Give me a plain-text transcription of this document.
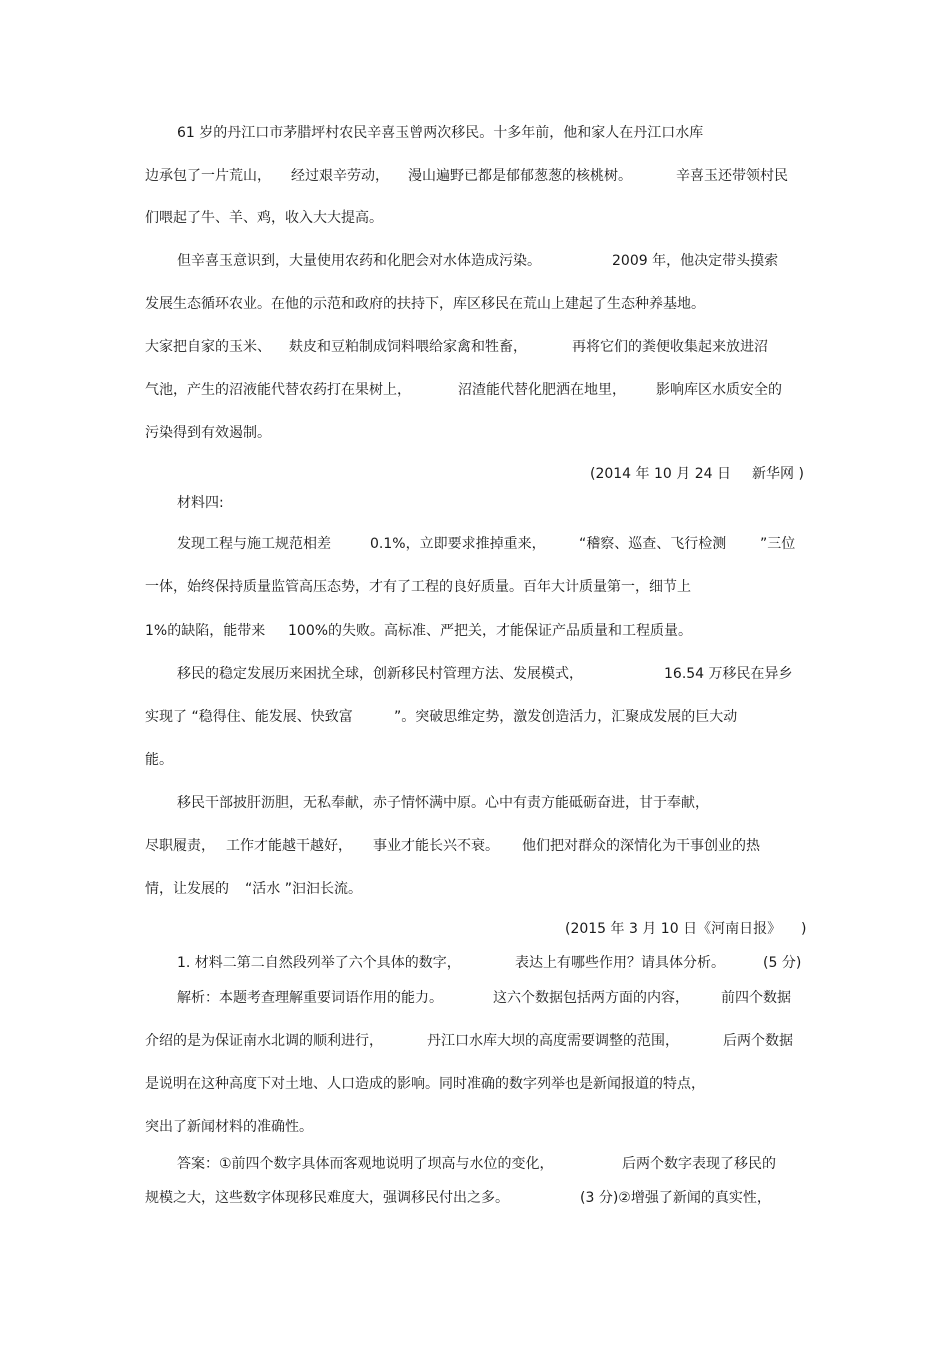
61 岁的丹江口市茅腊坪村农民辛喜玉曾两次移民。十多年前，他和家人在丹江口水库
边承包了一片荒山， 经过艰辛劳动， 漫山遍野已都是郁郁葱葱的核桃树。	辛喜玉还带领村民
们喂起了牛、羊、鸡，收入大大提高。
但辛喜玉意识到，大量使用农药和化肥会对水体造成污染。	2009 年，他决定带头摸索
发展生态循环农业。在他的示范和政府的扶持下，库区移民在荒山上建起了生态种养基地。
大家把自家的玉米、 麸皮和豆粕制成饲料喂给家禽和牲畜，	再将它们的粪便收集起来放进沼
气池，产生的沼液能代替农药打在果树上，	沼渣能代替化肥洒在地里， 影响库区水质安全的
污染得到有效遏制。
(2014 年 10 月 24 日 新华网 )
材料四:
发现工程与施工规范相差	0.1%，立即要求推掉重来， “稽察、巡查、飞行检测 ”三位
一体，始终保持质量监管高压态势，才有了工程的良好质量。百年大计质量第一，细节上
1%的缺陷，能带来 100%的失败。高标准、严把关，才能保证产品质量和工程质量。
移民的稳定发展历来困扰全球，创新移民村管理方法、发展模式，	16.54 万移民在异乡
实现了 “稳得住、能发展、快致富	”。突破思维定势，激发创造活力，汇聚成发展的巨大动
能。
移民干部披肝沥胆，无私奉献，赤子情怀满中原。心中有责方能砥砺奋进，甘于奉献，
尽职履责， 工作才能越干越好， 事业才能长兴不衰。 他们把对群众的深情化为干事创业的热
情，让发展的 “活水 ”汩汩长流。
(2015 年 3 月 10 日《河南日报》 )
1. 材料二第二自然段列举了六个具体的数字，	表达上有哪些作用？请具体分析。	(5 分)
解析：本题考查理解重要词语作用的能力。	这六个数据包括两方面的内容， 前四个数据
介绍的是为保证南水北调的顺利进行，	丹江口水库大坝的高度需要调整的范围，	后两个数据
是说明在这种高度下对土地、人口造成的影响。同时准确的数字列举也是新闻报道的特点，
突出了新闻材料的准确性。
答案：①前四个数字具体而客观地说明了坝高与水位的变化，	后两个数字表现了移民的
规模之大，这些数字体现移民难度大，强调移民付出之多。	(3 分)②增强了新闻的真实性，
